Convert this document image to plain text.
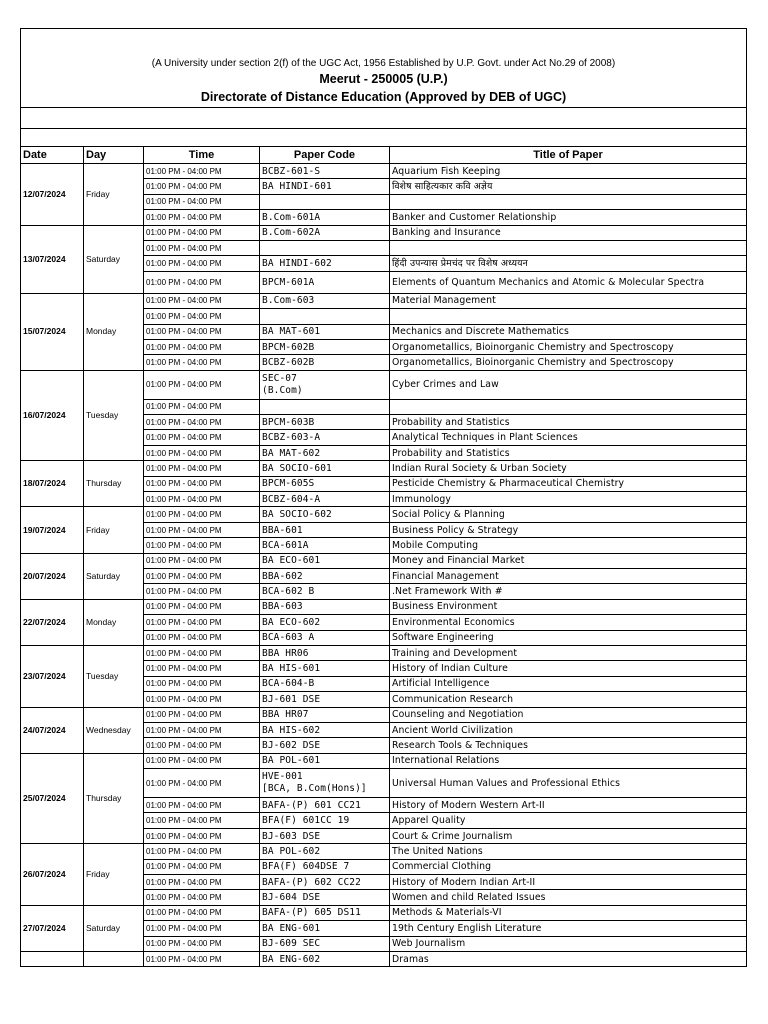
(A University under section 2(f) of the UGC Act, 1956 Established by U.P. Govt. under Act No.29 of 2008)
Meerut - 250005 (U.P.)
Directorate of Distance Education (Approved by DEB of UGC)
Date	Day	Time	Paper Code	Title of Paper
12/07/2024	Friday	01:00 PM - 04:00 PM	BCBZ-601-S	Aquarium Fish Keeping
		01:00 PM - 04:00 PM	BA HINDI-601	विशेष साहित्यकार कवि अज्ञेय
		01:00 PM - 04:00 PM		
		01:00 PM - 04:00 PM	B.Com-601A	Banker and Customer Relationship
13/07/2024	Saturday	01:00 PM - 04:00 PM	B.Com-602A	Banking and Insurance
		01:00 PM - 04:00 PM		
		01:00 PM - 04:00 PM	BA HINDI-602	हिंदी उपन्यास प्रेमचंद पर विशेष अध्ययन
		01:00 PM - 04:00 PM	BPCM-601A	Elements of Quantum Mechanics and Atomic & Molecular Spectra
15/07/2024	Monday	01:00 PM - 04:00 PM	B.Com-603	Material Management
		01:00 PM - 04:00 PM		
		01:00 PM - 04:00 PM	BA MAT-601	Mechanics and Discrete Mathematics
		01:00 PM - 04:00 PM	BPCM-602B	Organometallics, Bioinorganic Chemistry and Spectroscopy
		01:00 PM - 04:00 PM	BCBZ-602B	Organometallics, Bioinorganic Chemistry and Spectroscopy
16/07/2024	Tuesday	01:00 PM - 04:00 PM	SEC-07
(B.Com)	Cyber Crimes and Law
		01:00 PM - 04:00 PM		
		01:00 PM - 04:00 PM	BPCM-603B	Probability and Statistics
		01:00 PM - 04:00 PM	BCBZ-603-A	Analytical Techniques in Plant Sciences
		01:00 PM - 04:00 PM	BA MAT-602	Probability and Statistics
18/07/2024	Thursday	01:00 PM - 04:00 PM	BA SOCIO-601	Indian Rural Society & Urban Society
		01:00 PM - 04:00 PM	BPCM-605S	Pesticide Chemistry & Pharmaceutical Chemistry
		01:00 PM - 04:00 PM	BCBZ-604-A	Immunology
19/07/2024	Friday	01:00 PM - 04:00 PM	BA SOCIO-602	Social Policy & Planning
		01:00 PM - 04:00 PM	BBA-601	Business Policy & Strategy
		01:00 PM - 04:00 PM	BCA-601A	Mobile Computing
20/07/2024	Saturday	01:00 PM - 04:00 PM	BA ECO-601	Money and Financial Market
		01:00 PM - 04:00 PM	BBA-602	Financial Management
		01:00 PM - 04:00 PM	BCA-602 B	.Net Framework With #
22/07/2024	Monday	01:00 PM - 04:00 PM	BBA-603	Business Environment
		01:00 PM - 04:00 PM	BA ECO-602	Environmental Economics
		01:00 PM - 04:00 PM	BCA-603 A	Software Engineering
23/07/2024	Tuesday	01:00 PM - 04:00 PM	BBA HR06	Training and Development
		01:00 PM - 04:00 PM	BA HIS-601	History of Indian Culture
		01:00 PM - 04:00 PM	BCA-604-B	Artificial Intelligence
		01:00 PM - 04:00 PM	BJ-601 DSE	Communication Research
24/07/2024	Wednesday	01:00 PM - 04:00 PM	BBA HR07	Counseling and Negotiation
		01:00 PM - 04:00 PM	BA HIS-602	Ancient World Civilization
		01:00 PM - 04:00 PM	BJ-602 DSE	Research Tools & Techniques
25/07/2024	Thursday	01:00 PM - 04:00 PM	BA POL-601	International Relations
		01:00 PM - 04:00 PM	HVE-001
[BCA, B.Com(Hons)]	Universal Human Values and Professional Ethics
		01:00 PM - 04:00 PM	BAFA-(P) 601 CC21	History of Modern Western Art-II
		01:00 PM - 04:00 PM	BFA(F) 601CC 19	Apparel Quality
		01:00 PM - 04:00 PM	BJ-603 DSE	Court & Crime Journalism
26/07/2024	Friday	01:00 PM - 04:00 PM	BA POL-602	The United Nations
		01:00 PM - 04:00 PM	BFA(F) 604DSE 7	Commercial Clothing
		01:00 PM - 04:00 PM	BAFA-(P) 602 CC22	History of Modern Indian Art-II
		01:00 PM - 04:00 PM	BJ-604 DSE	Women and child Related Issues
27/07/2024	Saturday	01:00 PM - 04:00 PM	BAFA-(P) 605 DS11	Methods & Materials-VI
		01:00 PM - 04:00 PM	BA ENG-601	19th Century English Literature
		01:00 PM - 04:00 PM	BJ-609 SEC	Web Journalism
		01:00 PM - 04:00 PM	BA ENG-602	Dramas
